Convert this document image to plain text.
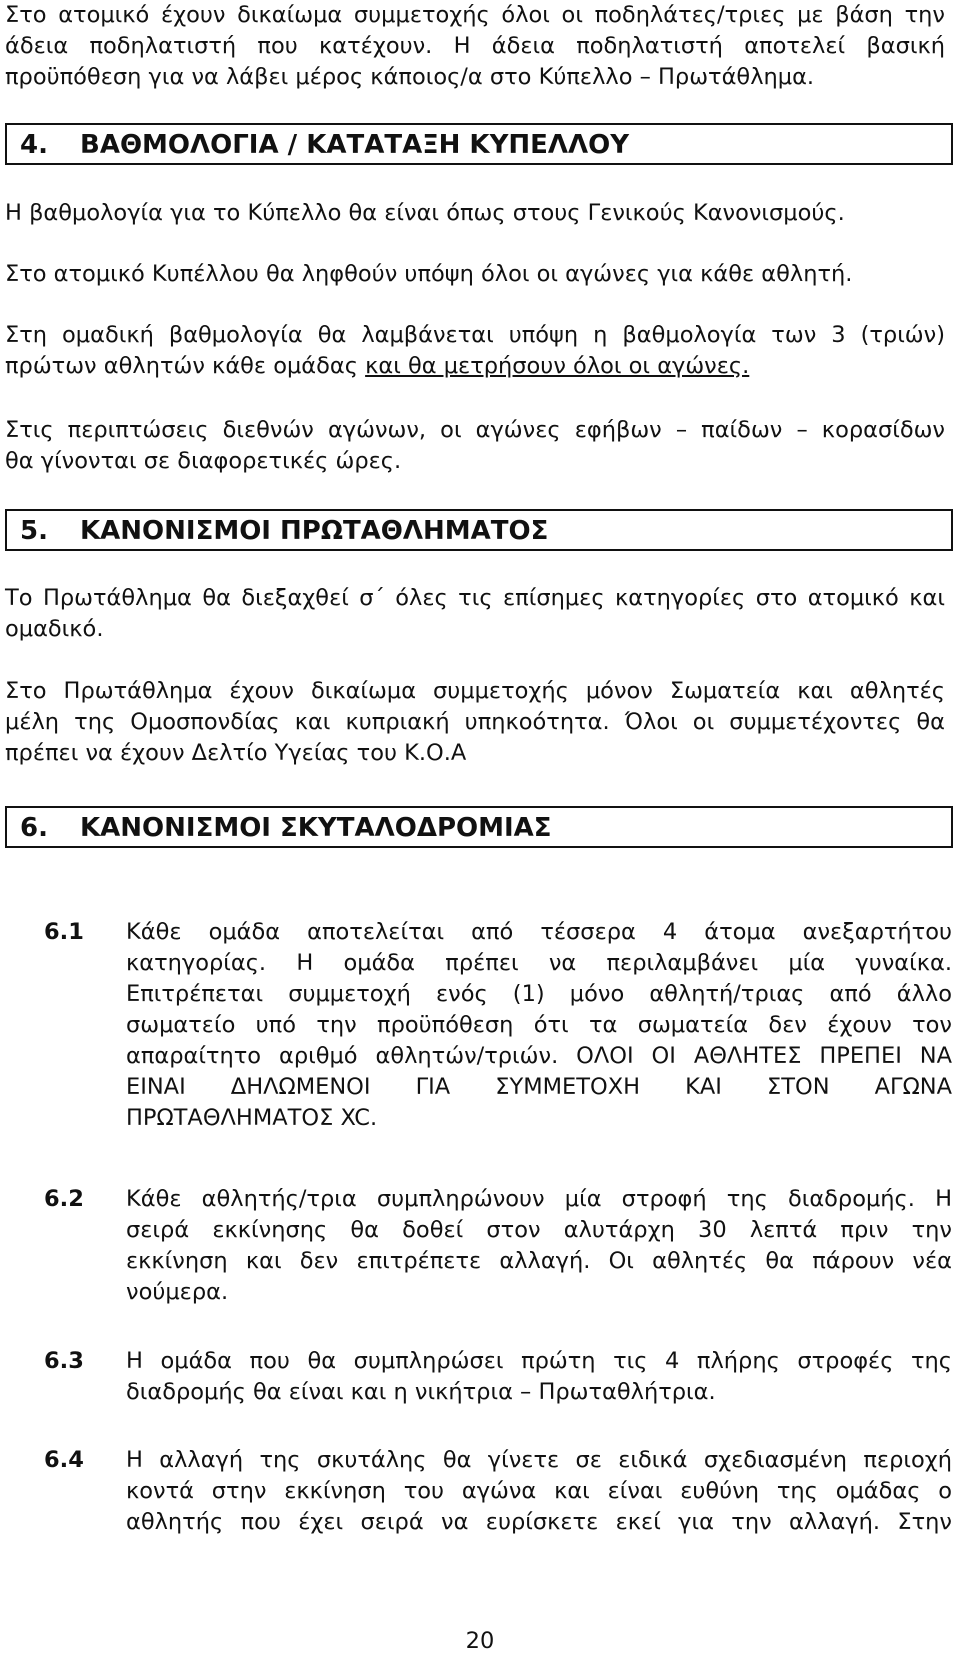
Στο ατομικό έχουν δικαίωμα συμμετοχής όλοι οι ποδηλάτες/τριες με βάση την
άδεια ποδηλατιστή που κατέχουν. Η άδεια ποδηλατιστή αποτελεί βασική
προϋπόθεση για να λάβει μέρος κάποιος/α στο Κύπελλο – Πρωτάθλημα.
4. ΒΑΘΜΟΛΟΓΙΑ / ΚΑΤΑΤΑΞΗ ΚΥΠΕΛΛΟΥ
Η βαθμολογία για το Κύπελλο θα είναι όπως στους Γενικούς Κανονισμούς.
Στο ατομικό Κυπέλλου θα ληφθούν υπόψη όλοι οι αγώνες για κάθε αθλητή.
Στη ομαδική βαθμολογία θα λαμβάνεται υπόψη η βαθμολογία των 3 (τριών)
πρώτων αθλητών κάθε ομάδας και θα μετρήσουν όλοι οι αγώνες.
Στις περιπτώσεις διεθνών αγώνων, οι αγώνες εφήβων – παίδων – κορασίδων
θα γίνονται σε διαφορετικές ώρες.
5. ΚΑΝΟΝΙΣΜΟΙ ΠΡΩΤΑΘΛΗΜΑΤΟΣ
Το Πρωτάθλημα θα διεξαχθεί σ΄ όλες τις επίσημες κατηγορίες στο ατομικό και
ομαδικό.
Στο Πρωτάθλημα έχουν δικαίωμα συμμετοχής μόνον Σωματεία και αθλητές
μέλη της Ομοσπονδίας και κυπριακή υπηκοότητα. Όλοι οι συμμετέχοντες θα
πρέπει να έχουν Δελτίο Υγείας του Κ.Ο.Α
6. ΚΑΝΟΝΙΣΜΟΙ ΣΚΥΤΑΛΟΔΡΟΜΙΑΣ
6.1 Κάθε ομάδα αποτελείται από τέσσερα 4 άτομα ανεξαρτήτου
κατηγορίας. Η ομάδα πρέπει να περιλαμβάνει μία γυναίκα.
Επιτρέπεται συμμετοχή ενός (1) μόνο αθλητή/τριας από άλλο
σωματείο υπό την προϋπόθεση ότι τα σωματεία δεν έχουν τον
απαραίτητο αριθμό αθλητών/τριών. ΟΛΟΙ ΟΙ ΑΘΛΗΤΕΣ ΠΡΕΠΕΙ ΝΑ
ΕΙΝΑΙ ΔΗΛΩΜΕΝΟΙ ΓΙΑ ΣΥΜΜΕΤΟΧΗ ΚΑΙ ΣΤΟΝ ΑΓΩΝΑ
ΠΡΩΤΑΘΛΗΜΑΤΟΣ XC.
6.2 Κάθε αθλητής/τρια συμπληρώνουν μία στροφή της διαδρομής. Η
σειρά εκκίνησης θα δοθεί στον αλυτάρχη 30 λεπτά πριν την
εκκίνηση και δεν επιτρέπετε αλλαγή. Οι αθλητές θα πάρουν νέα
νούμερα.
6.3 Η ομάδα που θα συμπληρώσει πρώτη τις 4 πλήρης στροφές της
διαδρομής θα είναι και η νικήτρια – Πρωταθλήτρια.
6.4 Η αλλαγή της σκυτάλης θα γίνετε σε ειδικά σχεδιασμένη περιοχή
κοντά στην εκκίνηση του αγώνα και είναι ευθύνη της ομάδας ο
αθλητής που έχει σειρά να ευρίσκετε εκεί για την αλλαγή. Στην
20
